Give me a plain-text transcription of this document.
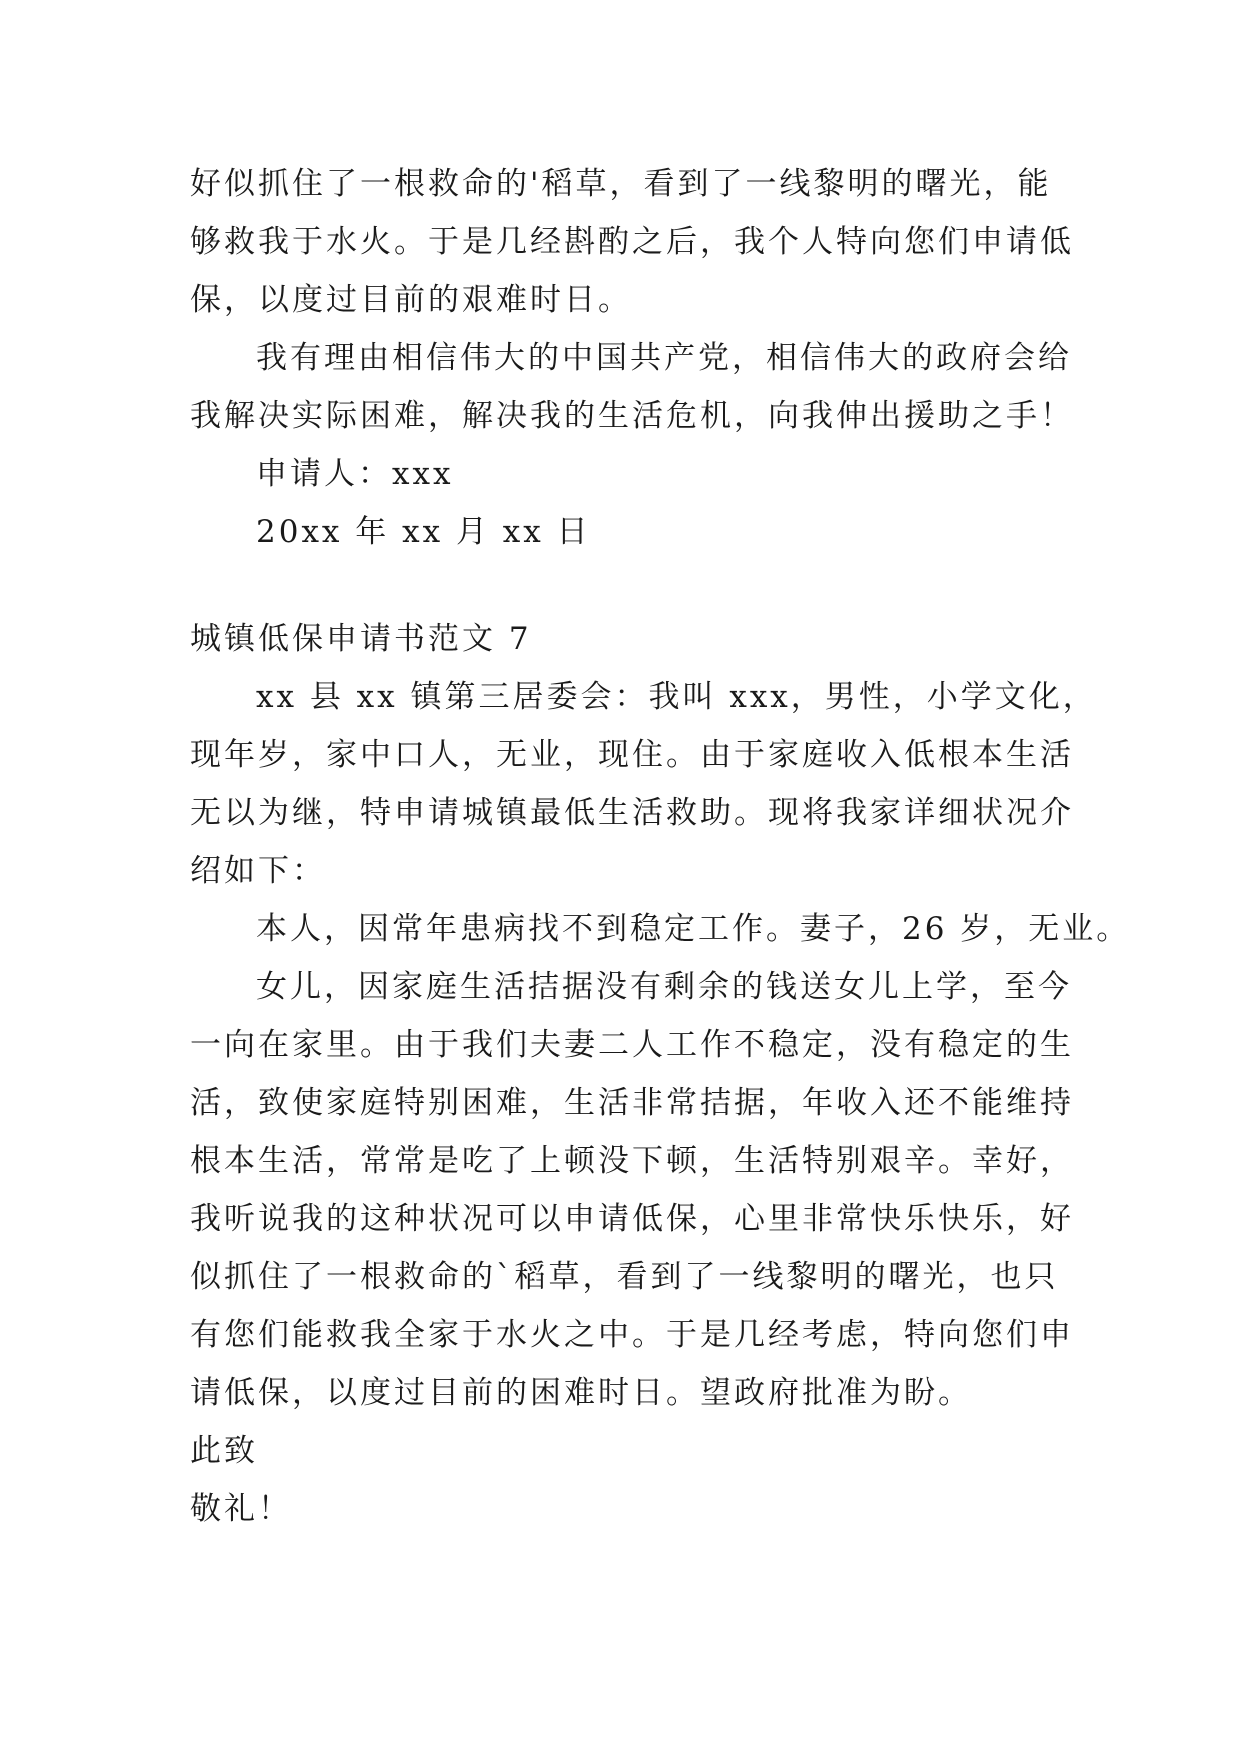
好似抓住了一根救命的'稻草，看到了一线黎明的曙光，能
够救我于水火。于是几经斟酌之后，我个人特向您们申请低
保，以度过目前的艰难时日。
我有理由相信伟大的中国共产党，相信伟大的政府会给
我解决实际困难，解决我的生活危机，向我伸出援助之手！
申请人：xxx
20xx 年 xx 月 xx 日
城镇低保申请书范文 7
xx 县 xx 镇第三居委会：我叫 xxx，男性，小学文化，
现年岁，家中口人，无业，现住。由于家庭收入低根本生活
无以为继，特申请城镇最低生活救助。现将我家详细状况介
绍如下：
本人，因常年患病找不到稳定工作。妻子，26 岁，无业。
女儿，因家庭生活拮据没有剩余的钱送女儿上学，至今
一向在家里。由于我们夫妻二人工作不稳定，没有稳定的生
活，致使家庭特别困难，生活非常拮据，年收入还不能维持
根本生活，常常是吃了上顿没下顿，生活特别艰辛。幸好，
我听说我的这种状况可以申请低保，心里非常快乐快乐，好
似抓住了一根救命的`稻草，看到了一线黎明的曙光，也只
有您们能救我全家于水火之中。于是几经考虑，特向您们申
请低保，以度过目前的困难时日。望政府批准为盼。
此致
敬礼！
